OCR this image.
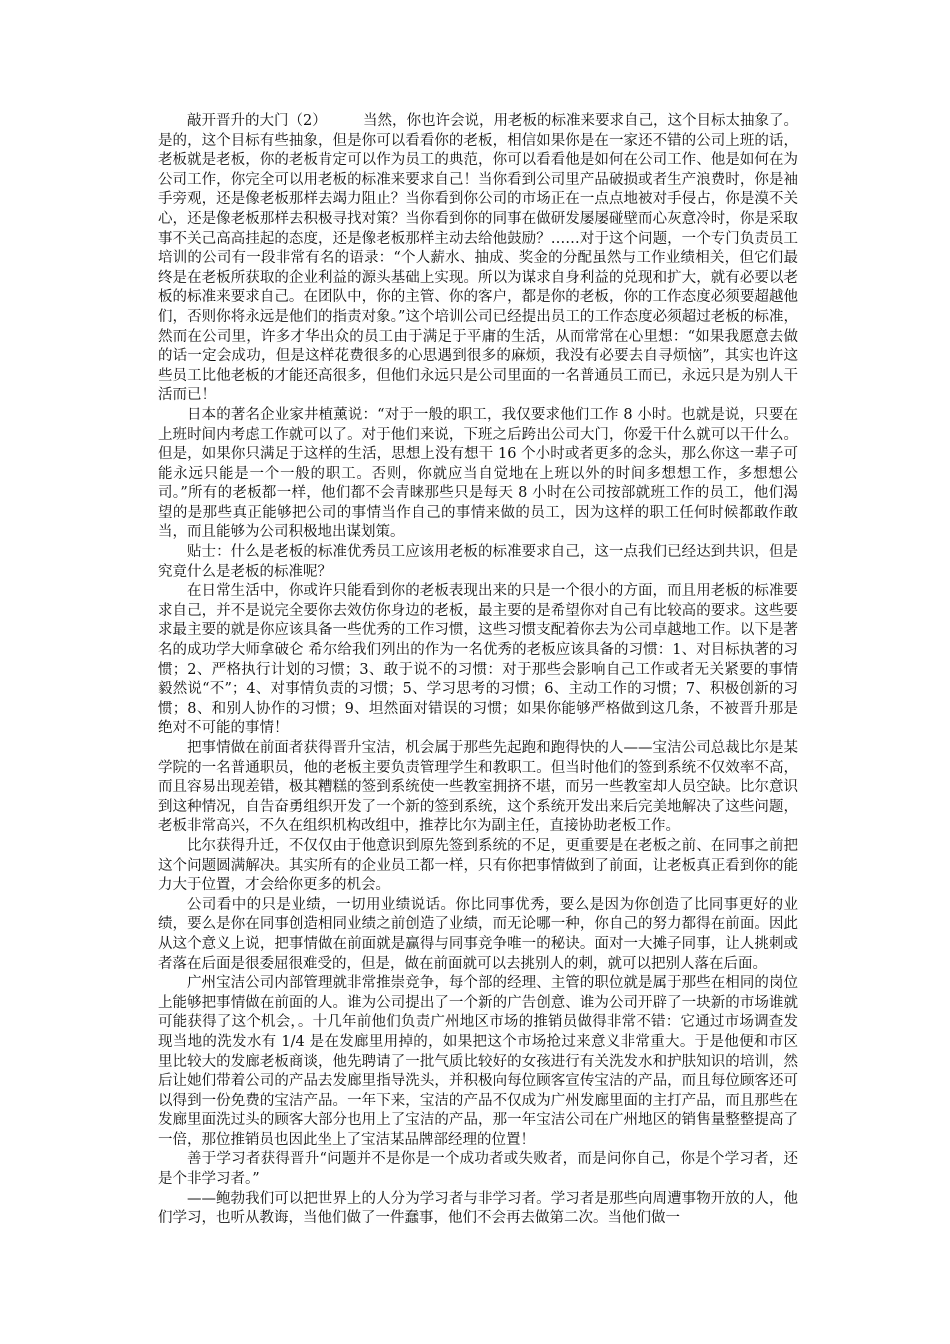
敲开晋升的大门（2）　　　当然，你也许会说，用老板的标准来要求自己，这个目标太抽象了。是的，这个目标有些抽象，但是你可以看看你的老板，相信如果你是在一家还不错的公司上班的话，老板就是老板，你的老板肯定可以作为员工的典范，你可以看看他是如何在公司工作、他是如何在为公司工作，你完全可以用老板的标准来要求自己！当你看到公司里产品破损或者生产浪费时，你是袖手旁观，还是像老板那样去竭力阻止？当你看到你公司的市场正在一点点地被对手侵占，你是漠不关心，还是像老板那样去积极寻找对策？当你看到你的同事在做研发屡屡碰壁而心灰意冷时，你是采取事不关己高高挂起的态度，还是像老板那样主动去给他鼓励？……对于这个问题，一个专门负责员工培训的公司有一段非常有名的语录：“个人薪水、抽成、奖金的分配虽然与工作业绩相关，但它们最终是在老板所获取的企业利益的源头基础上实现。所以为谋求自身利益的兑现和扩大，就有必要以老板的标准来要求自己。在团队中，你的主管、你的客户，都是你的老板，你的工作态度必须要超越他们，否则你将永远是他们的指责对象。”这个培训公司已经提出员工的工作态度必须超过老板的标准，然而在公司里，许多才华出众的员工由于满足于平庸的生活，从而常常在心里想：“如果我愿意去做的话一定会成功，但是这样花费很多的心思遇到很多的麻烦，我没有必要去自寻烦恼”，其实也许这些员工比他老板的才能还高很多，但他们永远只是公司里面的一名普通员工而已，永远只是为别人干活而已！

日本的著名企业家井植薰说：“对于一般的职工，我仅要求他们工作 8 小时。也就是说，只要在上班时间内考虑工作就可以了。对于他们来说，下班之后跨出公司大门，你爱干什么就可以干什么。但是，如果你只满足于这样的生活，思想上没有想干 16 个小时或者更多的念头，那么你这一辈子可能永远只能是一个一般的职工。否则，你就应当自觉地在上班以外的时间多想想工作，多想想公司。”所有的老板都一样，他们都不会青睐那些只是每天 8 小时在公司按部就班工作的员工，他们渴望的是那些真正能够把公司的事情当作自己的事情来做的员工，因为这样的职工任何时候都敢作敢当，而且能够为公司积极地出谋划策。

贴士：什么是老板的标准优秀员工应该用老板的标准要求自己，这一点我们已经达到共识，但是究竟什么是老板的标准呢？

在日常生活中，你或许只能看到你的老板表现出来的只是一个很小的方面，而且用老板的标准要求自己，并不是说完全要你去效仿你身边的老板，最主要的是希望你对自己有比较高的要求。这些要求最主要的就是你应该具备一些优秀的工作习惯，这些习惯支配着你去为公司卓越地工作。以下是著名的成功学大师拿破仑 希尔给我们列出的作为一名优秀的老板应该具备的习惯：1、对目标执著的习惯；2、严格执行计划的习惯；3、敢于说不的习惯：对于那些会影响自己工作或者无关紧要的事情毅然说“不”；4、对事情负责的习惯；5、学习思考的习惯；6、主动工作的习惯；7、积极创新的习惯；8、和别人协作的习惯；9、坦然面对错误的习惯；如果你能够严格做到这几条，不被晋升那是绝对不可能的事情！

把事情做在前面者获得晋升宝洁，机会属于那些先起跑和跑得快的人——宝洁公司总裁比尔是某学院的一名普通职员，他的老板主要负责管理学生和教职工。但当时他们的签到系统不仅效率不高，而且容易出现差错，极其糟糕的签到系统使一些教室拥挤不堪，而另一些教室却人员空缺。比尔意识到这种情况，自告奋勇组织开发了一个新的签到系统，这个系统开发出来后完美地解决了这些问题，老板非常高兴，不久在组织机构改组中，推荐比尔为副主任，直接协助老板工作。

比尔获得升迁，不仅仅由于他意识到原先签到系统的不足，更重要是在老板之前、在同事之前把这个问题圆满解决。其实所有的企业员工都一样，只有你把事情做到了前面，让老板真正看到你的能力大于位置，才会给你更多的机会。

公司看中的只是业绩，一切用业绩说话。你比同事优秀，要么是因为你创造了比同事更好的业绩，要么是你在同事创造相同业绩之前创造了业绩，而无论哪一种，你自己的努力都得在前面。因此从这个意义上说，把事情做在前面就是赢得与同事竞争唯一的秘诀。面对一大摊子同事，让人挑刺或者落在后面是很委屈很难受的，但是，做在前面就可以去挑别人的刺，就可以把别人落在后面。

广州宝洁公司内部管理就非常推崇竞争，每个部的经理、主管的职位就是属于那些在相同的岗位上能够把事情做在前面的人。谁为公司提出了一个新的广告创意、谁为公司开辟了一块新的市场谁就可能获得了这个机会，。十几年前他们负责广州地区市场的推销员做得非常不错：它通过市场调查发现当地的洗发水有 1/4 是在发廊里用掉的，如果把这个市场抢过来意义非常重大。于是他便和市区里比较大的发廊老板商谈，他先聘请了一批气质比较好的女孩进行有关洗发水和护肤知识的培训，然后让她们带着公司的产品去发廊里指导洗头，并积极向每位顾客宣传宝洁的产品，而且每位顾客还可以得到一份免费的宝洁产品。一年下来，宝洁的产品不仅成为广州发廊里面的主打产品，而且那些在发廊里面洗过头的顾客大部分也用上了宝洁的产品，那一年宝洁公司在广州地区的销售量整整提高了一倍，那位推销员也因此坐上了宝洁某品牌部经理的位置！

善于学习者获得晋升“问题并不是你是一个成功者或失败者，而是问你自己，你是个学习者，还是个非学习者。”

——鲍勃我们可以把世界上的人分为学习者与非学习者。学习者是那些向周遭事物开放的人，他们学习，也听从教诲，当他们做了一件蠢事，他们不会再去做第二次。当他们做一
